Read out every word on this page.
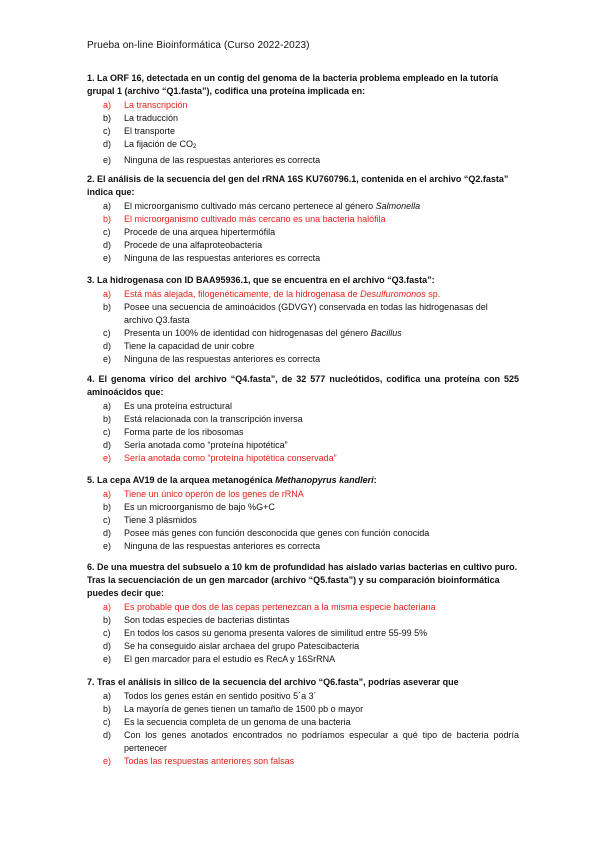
Prueba on-line Bioinformática (Curso 2022-2023)
1. La ORF 16, detectada en un contig del genoma de la bacteria problema empleado en la tutoría grupal 1 (archivo “Q1.fasta”), codifica una proteína implicada en:
a)	La transcripción
b)	La traducción
c)	El transporte
d)	La fijación de $CO_2$
e)	Ninguna de las respuestas anteriores es correcta
2. El análisis de la secuencia del gen del rRNA 16S KU760796.1, contenida en el archivo “Q2.fasta” indica que:
a)	El microorganismo cultivado más cercano pertenece al género Salmonella
b)	El microorganismo cultivado más cercano es una bacteria halófila
c)	Procede de una arquea hipertermófila
d)	Procede de una alfaproteobacteria
e)	Ninguna de las respuestas anteriores es correcta
3. La hidrogenasa con ID BAA95936.1, que se encuentra en el archivo “Q3.fasta”:
a)	Está más alejada, filogenéticamente, de la hidrogenasa de Desulfuromonos sp.
b)	Posee una secuencia de aminoácidos (GDVGY) conservada en todas las hidrogenasas del archivo Q3.fasta
c)	Presenta un 100% de identidad con hidrogenasas del género Bacillus
d)	Tiene la capacidad de unir cobre
e)	Ninguna de las respuestas anteriores es correcta
4. El genoma vírico del archivo “Q4.fasta”, de 32 577 nucleótidos, codifica una proteína con 525 aminoácidos que:
a)	Es una proteína estructural
b)	Está relacionada con la transcripción inversa
c)	Forma parte de los ribosomas
d)	Sería anotada como “proteína hipotética”
e)	Sería anotada como “proteína hipotética conservada”
5. La cepa AV19 de la arquea metanogénica Methanopyrus kandleri:
a)	Tiene un único operón de los genes de rRNA
b)	Es un microorganismo de bajo %G+C
c)	Tiene 3 plásmidos
d)	Posee más genes con función desconocida que genes con función conocida
e)	Ninguna de las respuestas anteriores es correcta
6. De una muestra del subsuelo a 10 km de profundidad has aislado varias bacterias en cultivo puro. Tras la secuenciación de un gen marcador (archivo “Q5.fasta”) y su comparación bioinformática puedes decir que:
a)	Es probable que dos de las cepas pertenezcan a la misma especie bacteriana
b)	Son todas especies de bacterias distintas
c)	En todos los casos su genoma presenta valores de similitud entre 55-99 5%
d)	Se ha conseguido aislar archaea del grupo Patescibacteria
e)	El gen marcador para el estudio es RecA y 16SrRNA
7. Tras el análisis in silico de la secuencia del archivo “Q6.fasta”, podrías aseverar que
a)	Todos los genes están en sentido positivo 5´a 3´
b)	La mayoría de genes tienen un tamaño de 1500 pb o mayor
c)	Es la secuencia completa de un genoma de una bacteria
d)	Con los genes anotados encontrados no podríamos especular a qué tipo de bacteria podría pertenecer
e)	Todas las respuestas anteriores son falsas
